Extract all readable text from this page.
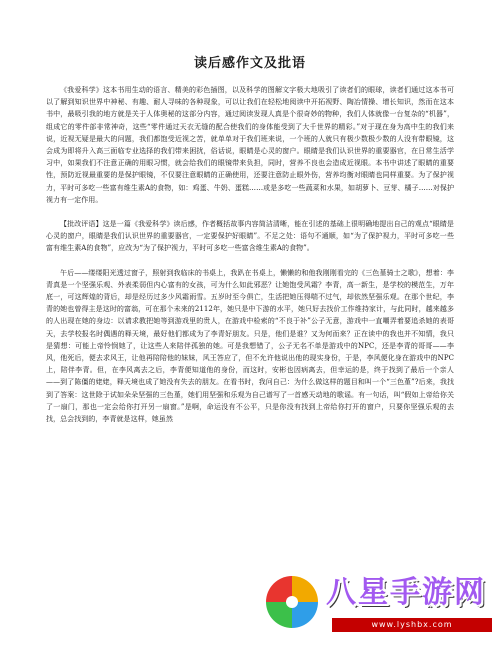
读后感作文及批语

《我爱科学》这本书用生动的语言、精美的彩色插图，以及科学的图解文字极大地吸引了读者们的眼球，读者们通过这本书可以了解到知识世界中神秘、有趣、耐人寻味的各种现象，可以让我们在轻松地阅读中开拓视野、陶冶情操、增长知识，然而在这本书中，最吸引我的地方就是关于人体奥秘的这部分内容，通过阅读发现人真是个很奇妙的物种，我们人体就像一台复杂的“机器”，组成它的零件部非常神奇，这些“零件通过天衣无缝的配合使我们的身体能受到了大千世界的精彩。”对于现在身为高中生的我们来说，近视无疑是最大的问题，我们都饱受近视之苦，就单单对于我们班来说，一个班的人就只有极少数极少数的人没有带眼镜，这会成为即将升入高三面临专业选择的我们带来困扰，俗话说，眼睛是心灵的窗户。眼睛是我们认识世界的重要器官，在日常生活学习中，如果我们不注意正确的用眼习惯，就会给我们的眼镜带来负担，同时，营养不良也会造成近视眼。本书中讲述了眼睛的重要性，预防近视最重要的是保护眼镜，不仅要注意眼睛的正确使用，还要注意防止眼外伤，营养均衡对眼睛也同样重要。为了保护视力，平时可多吃一些富有维生素A的食物，如：鸡蛋、牛奶、蛋糕……或是多吃一些蔬菜和水果，如胡萝卜、豆芽、橘子……对保护视力有一定作用。

【批改评语】这是一篇《我爱科学》读后感，作者概括故事内容简洁清晰，能在引述的基础上很明确地提出自己的观点“眼睛是心灵的窗户，眼睛是我们认识世界的重要器官，一定要保护好眼睛”。不足之处：语句不通顺，如“为了保护视力，平时可多吃一些富有维生素A的食物”，应改为“为了保护视力，平时可多吃一些富含维生素A的食物”。

午后——缕缕阳光透过窗子，照射到我临床的书桌上，我趴在书桌上，懒懒的和他我刚刚看完的《三色堇骑士之歌》，想着：李青真是一个坚强乐观、外表柔弱但内心富有的女孩，可为什么如此邪恶？让她饱受风霜？李青，高一新生，是学校的模范生，万年底一，可这辉煌的背后，却是经历过多少风霜雨雪。五岁时至今俱亡，生活把她压得喘不过气，却依然坚强乐观。在那个世纪，李青的她也曾得主是这时的富翁，可在那个未来的2112年，她只是中下游的水平，她只好去找价工作维持家计，与此同时，越来越多的人出现在她的身边：以请求教把她等到游戏里的贵人，在游戏中检索的“不良于补”公子无意，游戏中一直嘲弄着要追杀她的表哥天，去学校报名时偶遇的释天境，最好他们都成为了李青好朋友。只是，他们是谁？又为何而来？正在读中的我也并不知情，我只是猜想：可能上帝怜悯她了，让这些人来陪伴孤独的她。可是我想错了，公子无名不单是游戏中的NPC，还是李青的哥哥——李风，他死后，便去求风王，让他再陪陪他的妹妹，风王答应了，但不允许他说出他的现实身份，于是，李风便化身在游戏中的NPC上，陪伴李青。但，在李风离去之后，李青便知道他的身份，而这时，安彬也因病离去，但幸运的是，终于找到了最后一个亲人——到了陈僵的姥姥，释天境也成了她没有失去的朋友。在看书时，我问自己：为什么做这样的题目和叫一个“三色堇”?后来，我找到了答案：这世除于试如朵朵坚强的三色堇，她们用坚强和乐观为自己谱写了一首感天动地的歌谣。有一句话，叫“假如上帝给你关了一扇门，那也一定会给你打开另一扇窗。”是啊，命运没有不公平，只是你没有找到上帝给你打开的窗户，只要你坚强乐观的去找，总会找到的，李青就是这样，她虽然

八星手游网
www.lyshbx.com
